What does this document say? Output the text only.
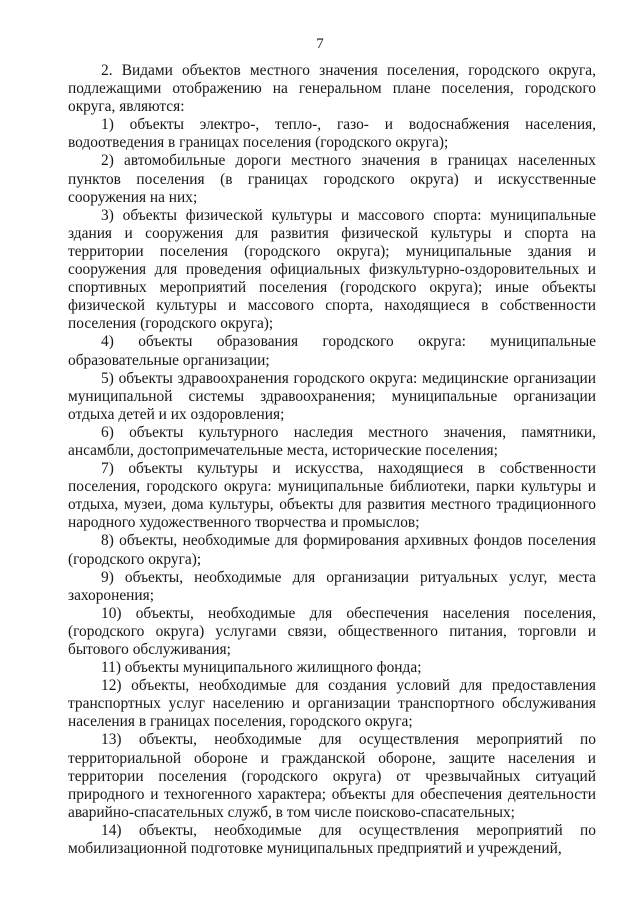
7

2. Видами объектов местного значения поселения, городского округа, подлежащими отображению на генеральном плане поселения, городского округа, являются:

1) объекты электро-, тепло-, газо- и водоснабжения населения, водоотведения в границах поселения (городского округа);

2) автомобильные дороги местного значения в границах населенных пунктов поселения (в границах городского округа) и искусственные сооружения на них;

3) объекты физической культуры и массового спорта: муниципальные здания и сооружения для развития физической культуры и спорта на территории поселения (городского округа); муниципальные здания и сооружения для проведения официальных физкультурно-оздоровительных и спортивных мероприятий поселения (городского округа); иные объекты физической культуры и массового спорта, находящиеся в собственности поселения (городского округа);

4) объекты образования городского округа: муниципальные образовательные организации;

5) объекты здравоохранения городского округа: медицинские организации муниципальной системы здравоохранения; муниципальные организации отдыха детей и их оздоровления;

6) объекты культурного наследия местного значения, памятники, ансамбли, достопримечательные места, исторические поселения;

7) объекты культуры и искусства, находящиеся в собственности поселения, городского округа: муниципальные библиотеки, парки культуры и отдыха, музеи, дома культуры, объекты для развития местного традиционного народного художественного творчества и промыслов;

8) объекты, необходимые для формирования архивных фондов поселения (городского округа);

9) объекты, необходимые для организации ритуальных услуг, места захоронения;

10) объекты, необходимые для обеспечения населения поселения, (городского округа) услугами связи, общественного питания, торговли и бытового обслуживания;

11) объекты муниципального жилищного фонда;

12) объекты, необходимые для создания условий для предоставления транспортных услуг населению и организации транспортного обслуживания населения в границах поселения, городского округа;

13) объекты, необходимые для осуществления мероприятий по территориальной обороне и гражданской обороне, защите населения и территории поселения (городского округа) от чрезвычайных ситуаций природного и техногенного характера; объекты для обеспечения деятельности аварийно-спасательных служб, в том числе поисково-спасательных;

14) объекты, необходимые для осуществления мероприятий по мобилизационной подготовке муниципальных предприятий и учреждений,
